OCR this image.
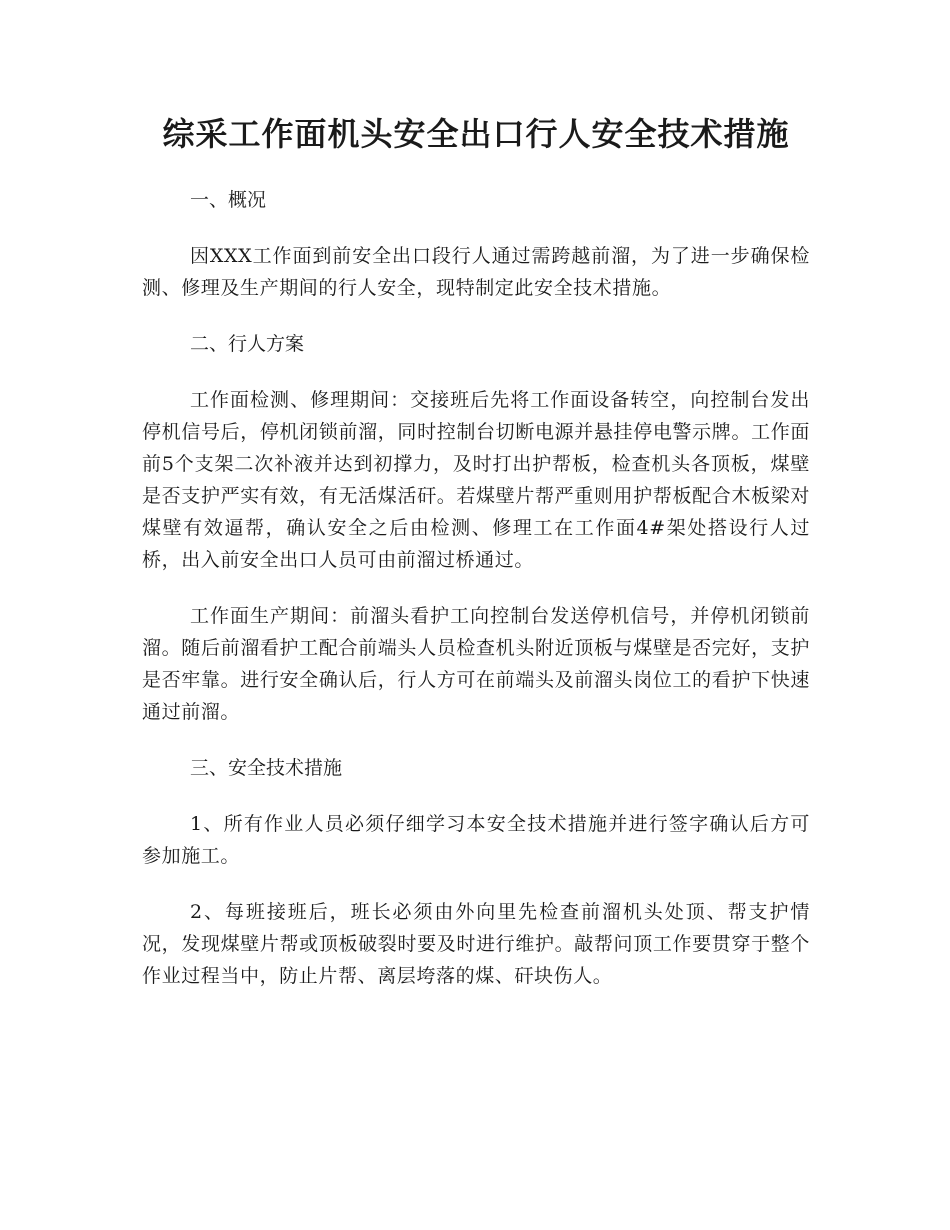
综采工作面机头安全出口行人安全技术措施

一、概况

因XXX工作面到前安全出口段行人通过需跨越前溜，为了进一步确保检测、修理及生产期间的行人安全，现特制定此安全技术措施。

二、行人方案

工作面检测、修理期间：交接班后先将工作面设备转空，向控制台发出停机信号后，停机闭锁前溜，同时控制台切断电源并悬挂停电警示牌。工作面前5个支架二次补液并达到初撑力，及时打出护帮板，检查机头各顶板，煤壁是否支护严实有效，有无活煤活矸。若煤壁片帮严重则用护帮板配合木板梁对煤壁有效逼帮，确认安全之后由检测、修理工在工作面4#架处搭设行人过桥，出入前安全出口人员可由前溜过桥通过。

工作面生产期间：前溜头看护工向控制台发送停机信号，并停机闭锁前溜。随后前溜看护工配合前端头人员检查机头附近顶板与煤壁是否完好，支护是否牢靠。进行安全确认后，行人方可在前端头及前溜头岗位工的看护下快速通过前溜。

三、安全技术措施

1、所有作业人员必须仔细学习本安全技术措施并进行签字确认后方可参加施工。

2、每班接班后，班长必须由外向里先检查前溜机头处顶、帮支护情况，发现煤壁片帮或顶板破裂时要及时进行维护。敲帮问顶工作要贯穿于整个作业过程当中，防止片帮、离层垮落的煤、矸块伤人。
